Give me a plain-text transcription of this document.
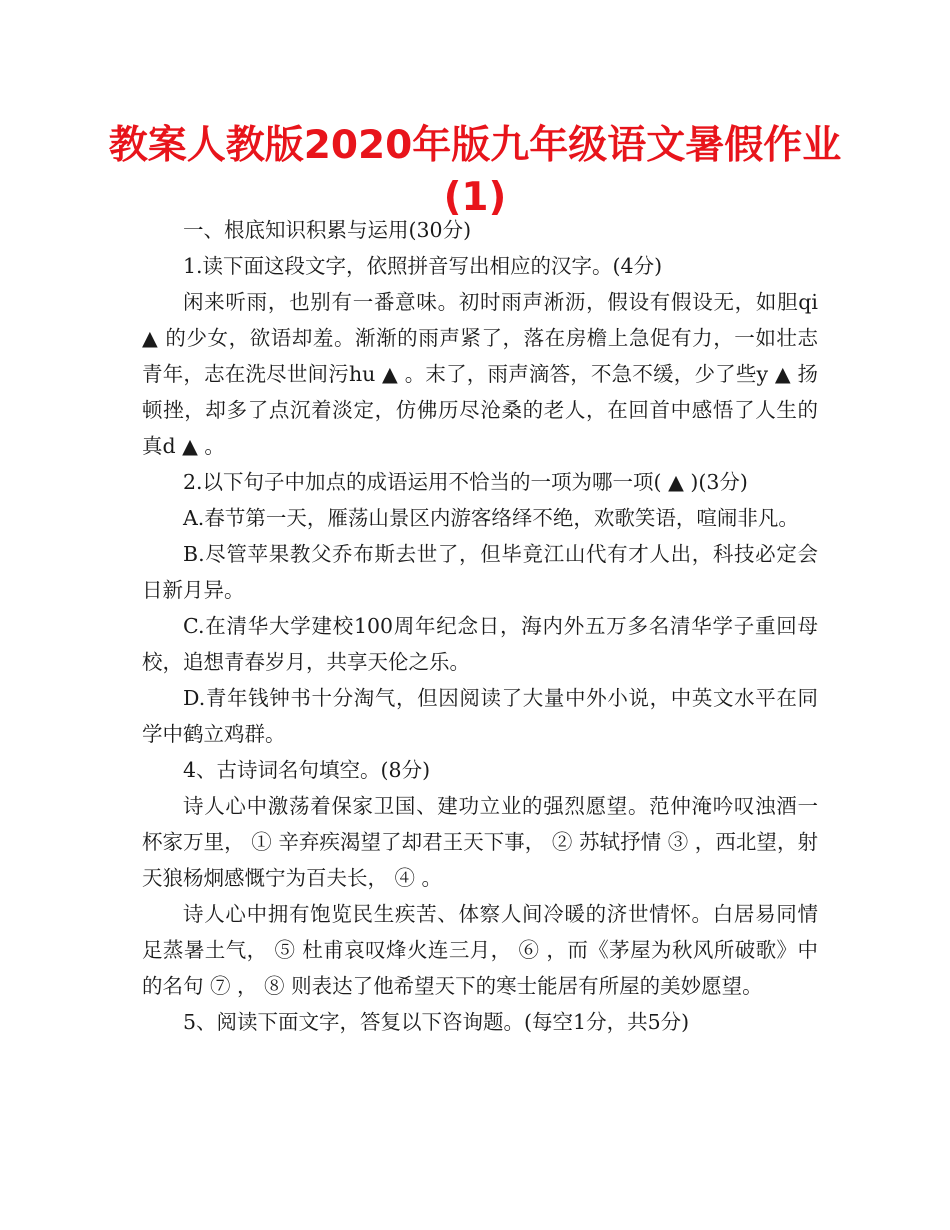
教案人教版2020年版九年级语文暑假作业
(1)

一、根底知识积累与运用(30分)

1.读下面这段文字，依照拼音写出相应的汉字。(4分)

闲来听雨，也别有一番意味。初时雨声淅沥，假设有假设无，如胆qi ▲ 的少女，欲语却羞。渐渐的雨声紧了，落在房檐上急促有力，一如壮志青年，志在洗尽世间污hu ▲ 。末了，雨声滴答，不急不缓，少了些y ▲ 扬顿挫，却多了点沉着淡定，仿佛历尽沧桑的老人，在回首中感悟了人生的真d ▲ 。

2.以下句子中加点的成语运用不恰当的一项为哪一项( ▲ )(3分)

A.春节第一天，雁荡山景区内游客络绎不绝，欢歌笑语，喧闹非凡。

B.尽管苹果教父乔布斯去世了，但毕竟江山代有才人出，科技必定会日新月异。

C.在清华大学建校100周年纪念日，海内外五万多名清华学子重回母校，追想青春岁月，共享天伦之乐。

D.青年钱钟书十分淘气，但因阅读了大量中外小说，中英文水平在同学中鹤立鸡群。

4、古诗词名句填空。(8分)

诗人心中激荡着保家卫国、建功立业的强烈愿望。范仲淹吟叹浊酒一杯家万里， ① 辛弃疾渴望了却君王天下事， ② 苏轼抒情 ③ ，西北望，射天狼杨炯感慨宁为百夫长， ④ 。

诗人心中拥有饱览民生疾苦、体察人间冷暖的济世情怀。白居易同情足蒸暑土气， ⑤ 杜甫哀叹烽火连三月， ⑥ ，而《茅屋为秋风所破歌》中的名句 ⑦ ， ⑧ 则表达了他希望天下的寒士能居有所屋的美妙愿望。

5、阅读下面文字，答复以下咨询题。(每空1分，共5分)
